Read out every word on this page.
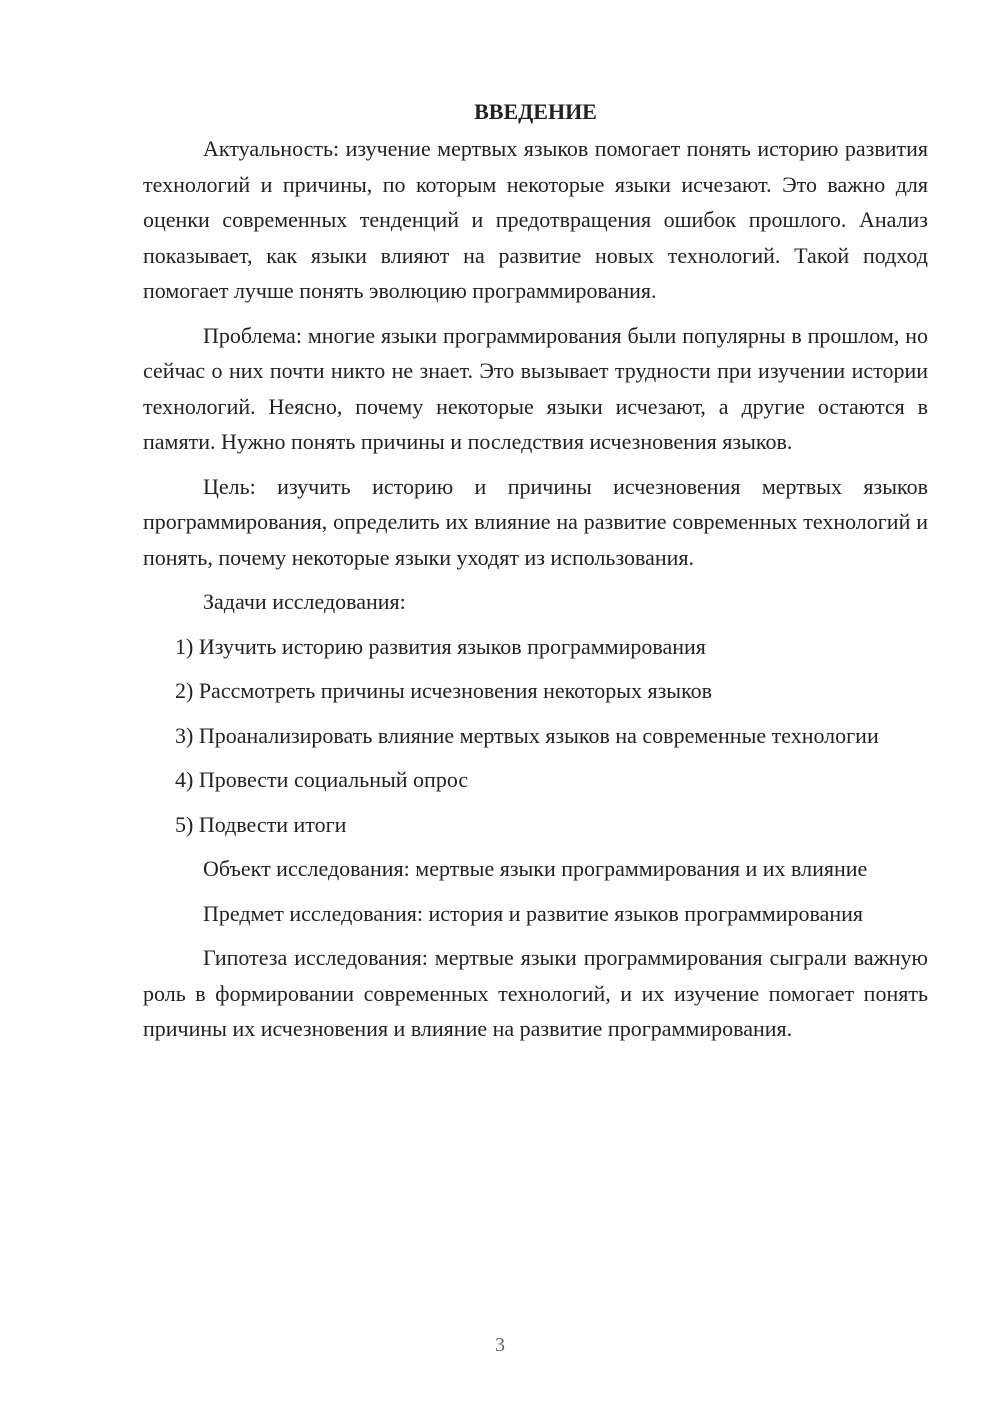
ВВЕДЕНИЕ

Актуальность: изучение мертвых языков помогает понять историю развития технологий и причины, по которым некоторые языки исчезают. Это важно для оценки современных тенденций и предотвращения ошибок прошлого. Анализ показывает, как языки влияют на развитие новых технологий. Такой подход помогает лучше понять эволюцию программирования.

Проблема: многие языки программирования были популярны в прошлом, но сейчас о них почти никто не знает. Это вызывает трудности при изучении истории технологий. Неясно, почему некоторые языки исчезают, а другие остаются в памяти. Нужно понять причины и последствия исчезновения языков.

Цель: изучить историю и причины исчезновения мертвых языков программирования, определить их влияние на развитие современных технологий и понять, почему некоторые языки уходят из использования.

Задачи исследования:

1) Изучить историю развития языков программирования

2) Рассмотреть причины исчезновения некоторых языков

3) Проанализировать влияние мертвых языков на современные технологии

4) Провести социальный опрос

5) Подвести итоги

Объект исследования: мертвые языки программирования и их влияние

Предмет исследования: история и развитие языков программирования

Гипотеза исследования: мертвые языки программирования сыграли важную роль в формировании современных технологий, и их изучение помогает понять причины их исчезновения и влияние на развитие программирования.

3
